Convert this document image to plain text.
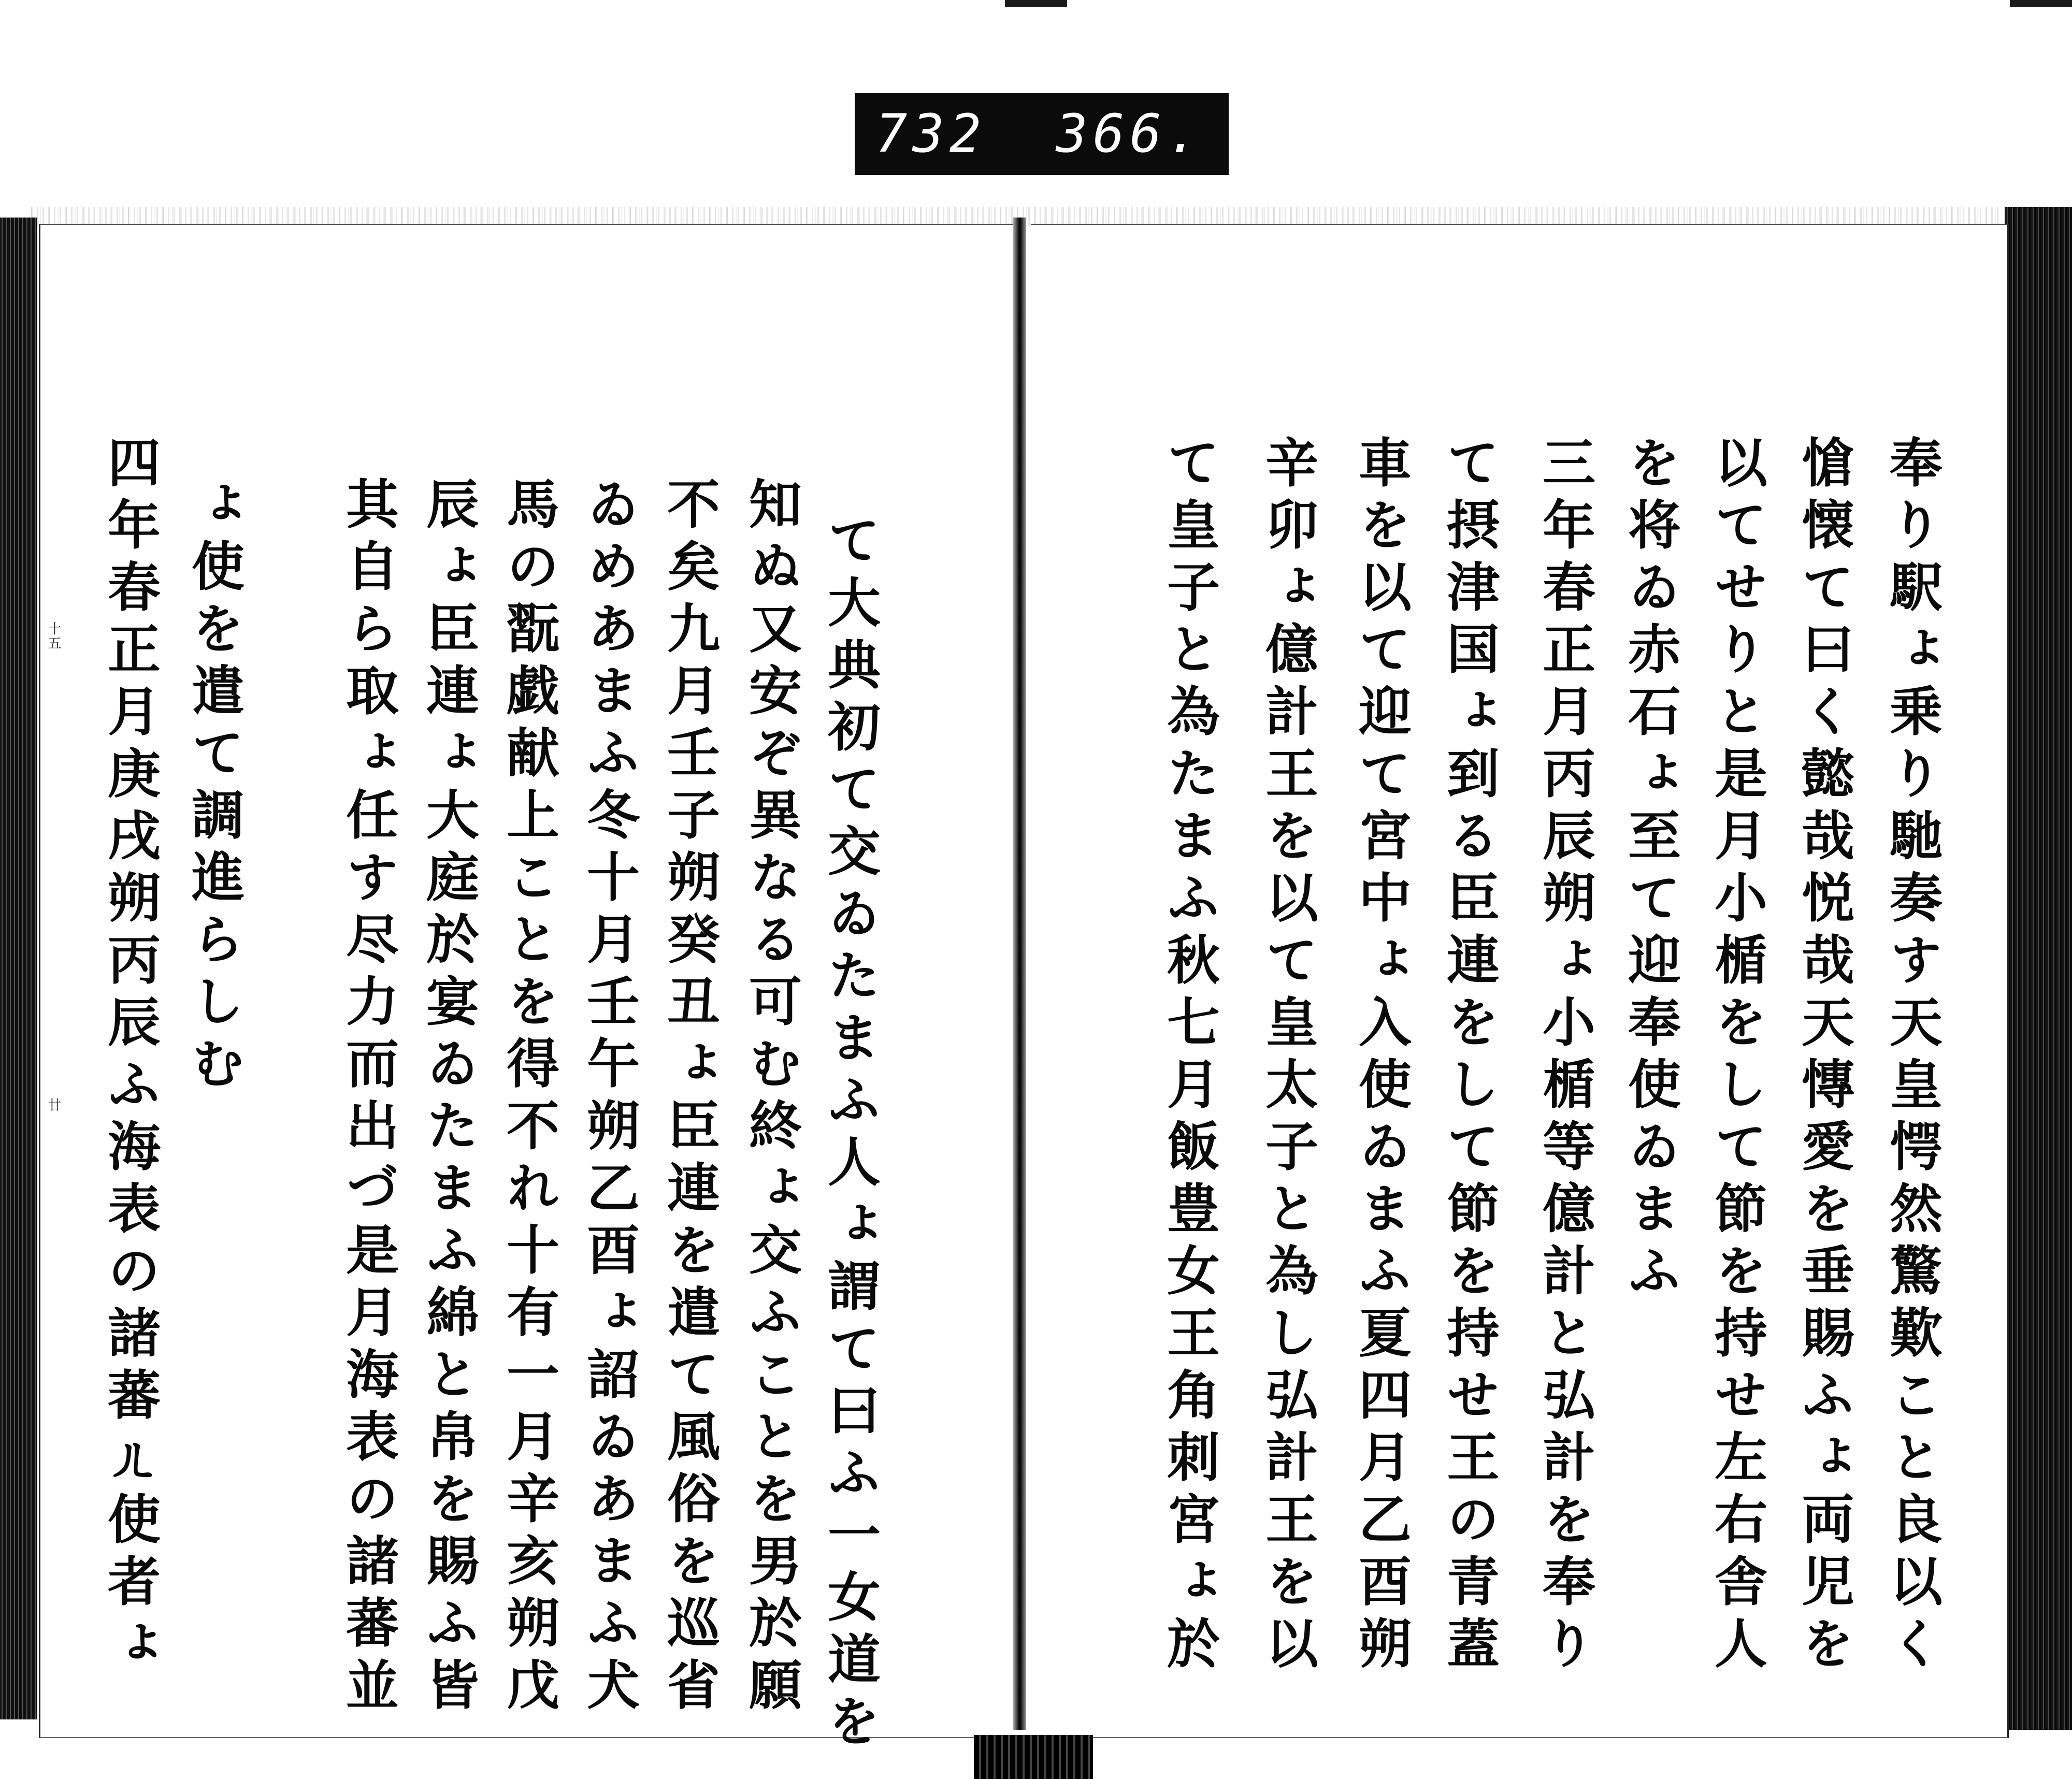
732 366.
十五
廿	て大典初て交ゐたまふ人ょ謂て曰ふ一女道を
知ぬ又安ぞ異なる可む終ょ交ふことを男於願
不矣九月壬子朔癸丑ょ臣連を遣て風俗を巡省
ゐめあまふ冬十月壬午朔乙酉ょ詔ゐあまふ犬
馬の翫戯献上ことを得不れ十有一月辛亥朔戊
辰ょ臣連ょ大庭於宴ゐたまふ綿と帛を賜ふ皆
其自ら取ょ任す尽力而出づ是月海表の諸蕃並
ょ使を遣て調進らしむ
四年春正月庚戌朔丙辰ふ海表の諸蕃ㄦ使者ょ	奉り駅ょ乗り馳奏す天皇愕然驚歎こと良以く
愴懐て曰く懿哉悦哉天慱愛を垂賜ふょ両児を
以てせりと是月小楯をして節を持せ左右舎人
を将ゐ赤石ょ至て迎奉使ゐまふ
三年春正月丙辰朔ょ小楯等億計と弘計を奉り
て摂津国ょ到る臣連をして節を持せ王の青蓋
車を以て迎て宮中ょ入使ゐまふ夏四月乙酉朔
辛卯ょ億計王を以て皇太子と為し弘計王を以
て皇子と為たまふ秋七月飯豊女王角刺宮ょ於
